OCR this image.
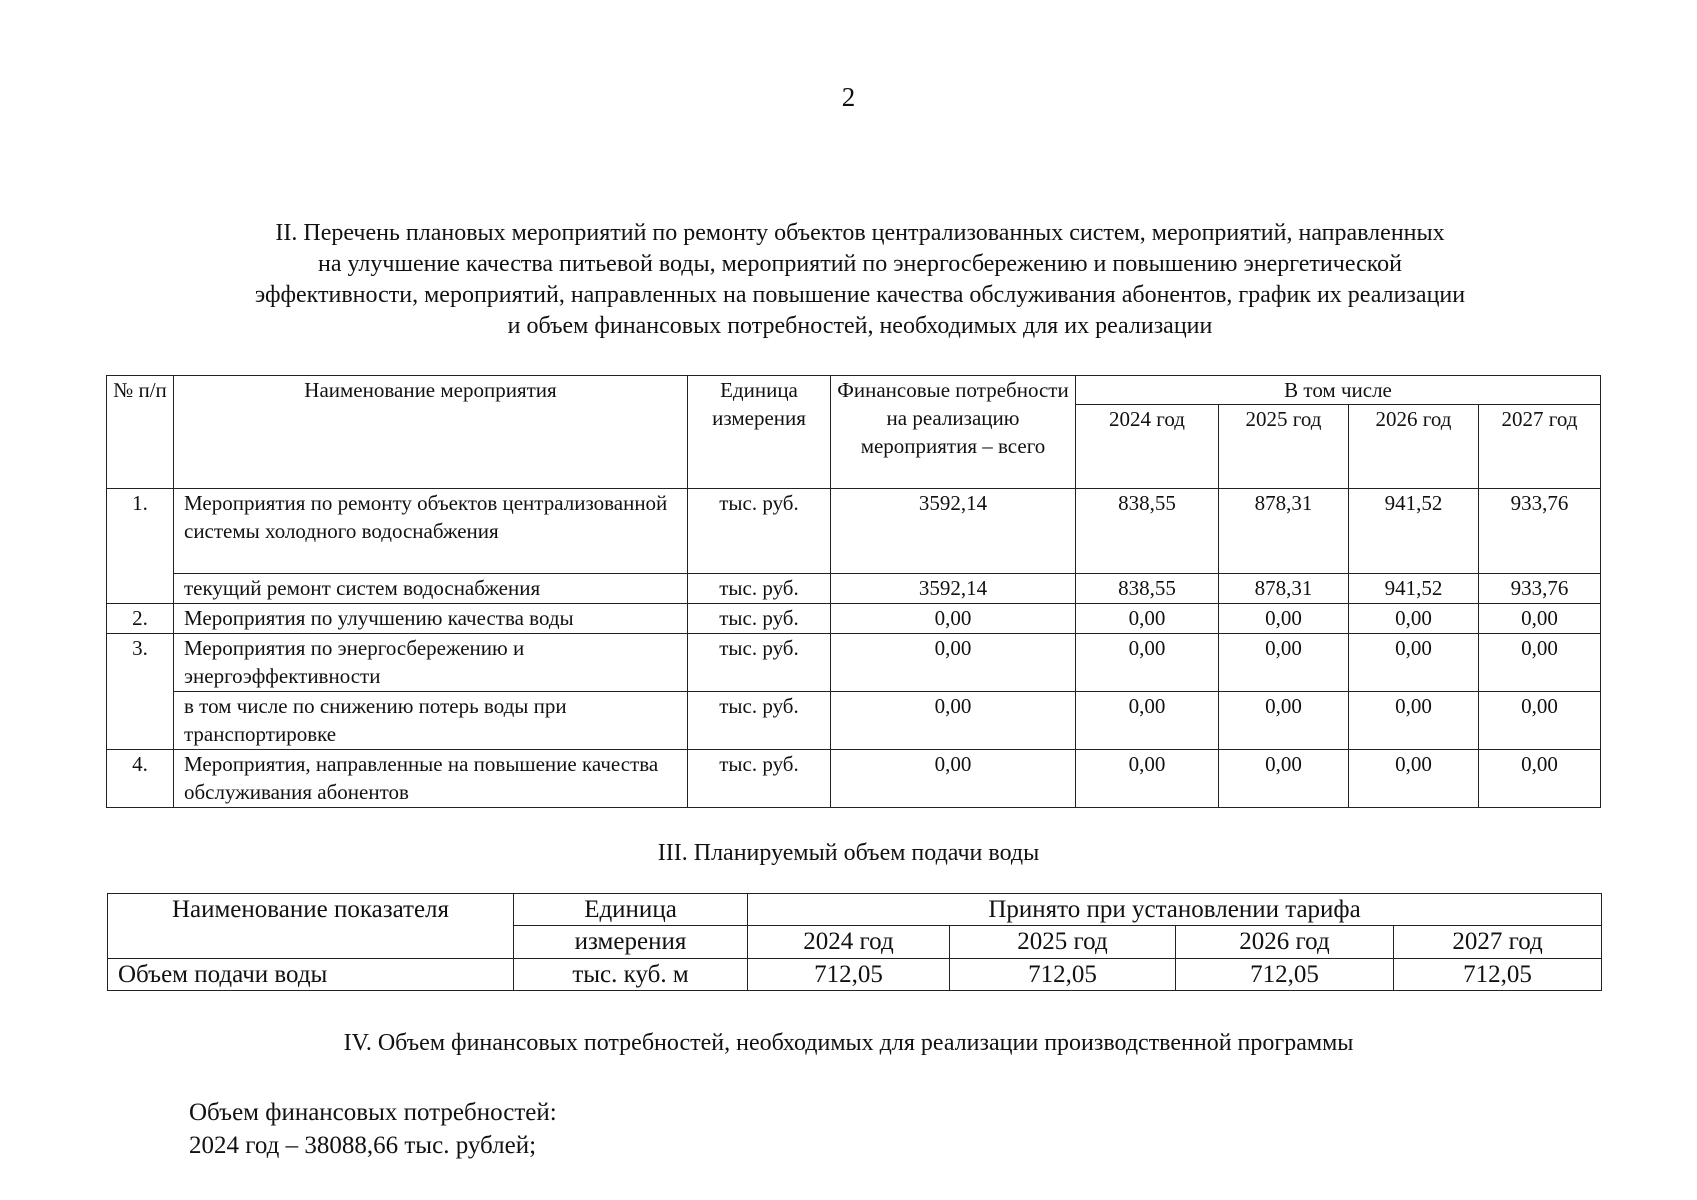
2
II. Перечень плановых мероприятий по ремонту объектов централизованных систем, мероприятий, направленных
на улучшение качества питьевой воды, мероприятий по энергосбережению и повышению энергетической
эффективности, мероприятий, направленных на повышение качества обслуживания абонентов, график их реализации
и объем финансовых потребностей, необходимых для их реализации
№ п/п	Наименование мероприятия	Единица измерения	Финансовые потребности на реализацию мероприятия – всего	В том числе			
				2024 год	2025 год	2026 год	2027 год
1.	Мероприятия по ремонту объектов централизованной системы холодного водоснабжения	тыс. руб.	3592,14	838,55	878,31	941,52	933,76
	текущий ремонт систем водоснабжения	тыс. руб.	3592,14	838,55	878,31	941,52	933,76
2.	Мероприятия по улучшению качества воды	тыс. руб.	0,00	0,00	0,00	0,00	0,00
3.	Мероприятия по энергосбережению и энергоэффективности	тыс. руб.	0,00	0,00	0,00	0,00	0,00
	в том числе по снижению потерь воды при транспортировке	тыс. руб.	0,00	0,00	0,00	0,00	0,00
4.	Мероприятия, направленные на повышение качества обслуживания абонентов	тыс. руб.	0,00	0,00	0,00	0,00	0,00
III. Планируемый объем подачи воды
Наименование показателя	Единица	Принято при установлении тарифа			
	измерения	2024 год	2025 год	2026 год	2027 год
Объем подачи воды	тыс. куб. м	712,05	712,05	712,05	712,05
IV. Объем финансовых потребностей, необходимых для реализации производственной программы
Объем финансовых потребностей:
2024 год – 38088,66 тыс. рублей;
